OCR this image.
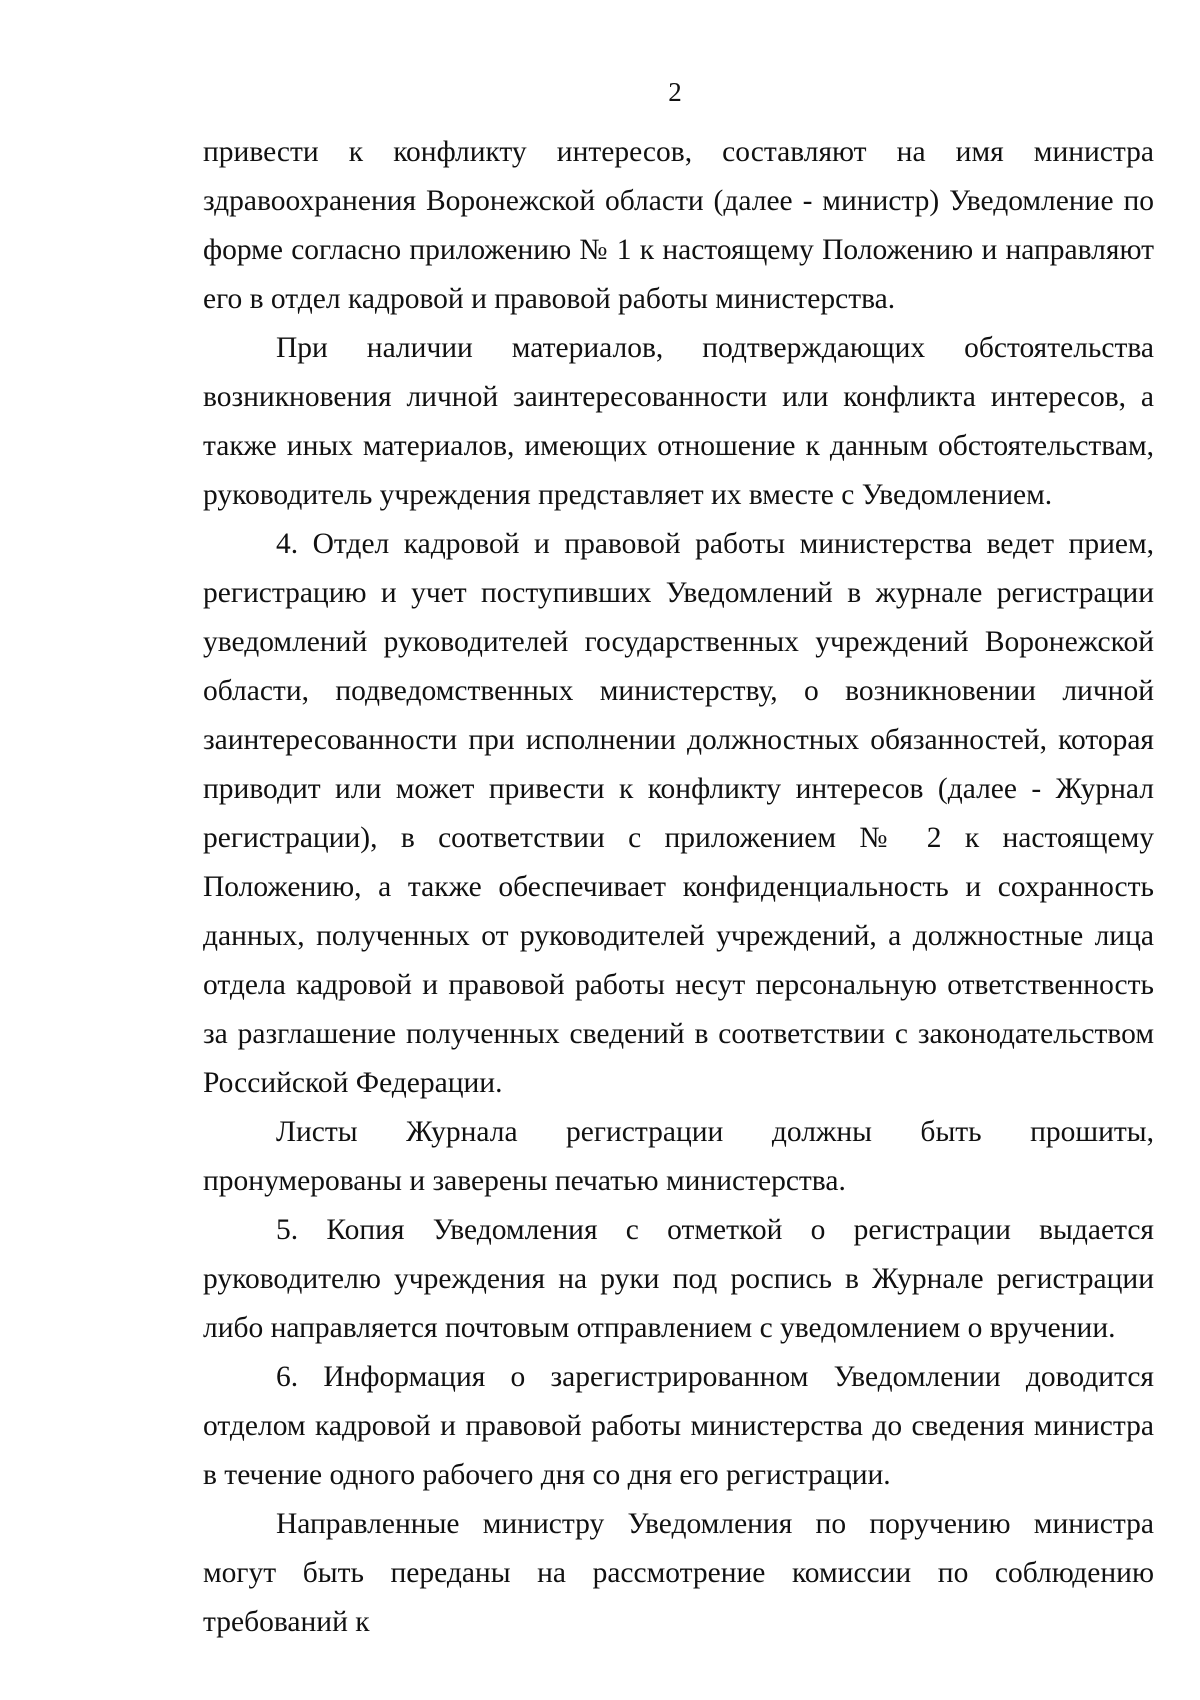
2

привести к конфликту интересов, составляют на имя министра здравоохранения Воронежской области (далее - министр) Уведомление по форме согласно приложению № 1 к настоящему Положению и направляют его в отдел кадровой и правовой работы министерства.

При наличии материалов, подтверждающих обстоятельства возникновения личной заинтересованности или конфликта интересов, а также иных материалов, имеющих отношение к данным обстоятельствам, руководитель учреждения представляет их вместе с Уведомлением.

4. Отдел кадровой и правовой работы министерства ведет прием, регистрацию и учет поступивших Уведомлений в журнале регистрации уведомлений руководителей государственных учреждений Воронежской области, подведомственных министерству, о возникновении личной заинтересованности при исполнении должностных обязанностей, которая приводит или может привести к конфликту интересов (далее - Журнал регистрации), в соответствии с приложением № 2 к настоящему Положению, а также обеспечивает конфиденциальность и сохранность данных, полученных от руководителей учреждений, а должностные лица отдела кадровой и правовой работы несут персональную ответственность за разглашение полученных сведений в соответствии с законодательством Российской Федерации.

Листы Журнала регистрации должны быть прошиты, пронумерованы и заверены печатью министерства.

5. Копия Уведомления с отметкой о регистрации выдается руководителю учреждения на руки под роспись в Журнале регистрации либо направляется почтовым отправлением с уведомлением о вручении.

6. Информация о зарегистрированном Уведомлении доводится отделом кадровой и правовой работы министерства до сведения министра в течение одного рабочего дня со дня его регистрации.

Направленные министру Уведомления по поручению министра могут быть переданы на рассмотрение комиссии по соблюдению требований к
